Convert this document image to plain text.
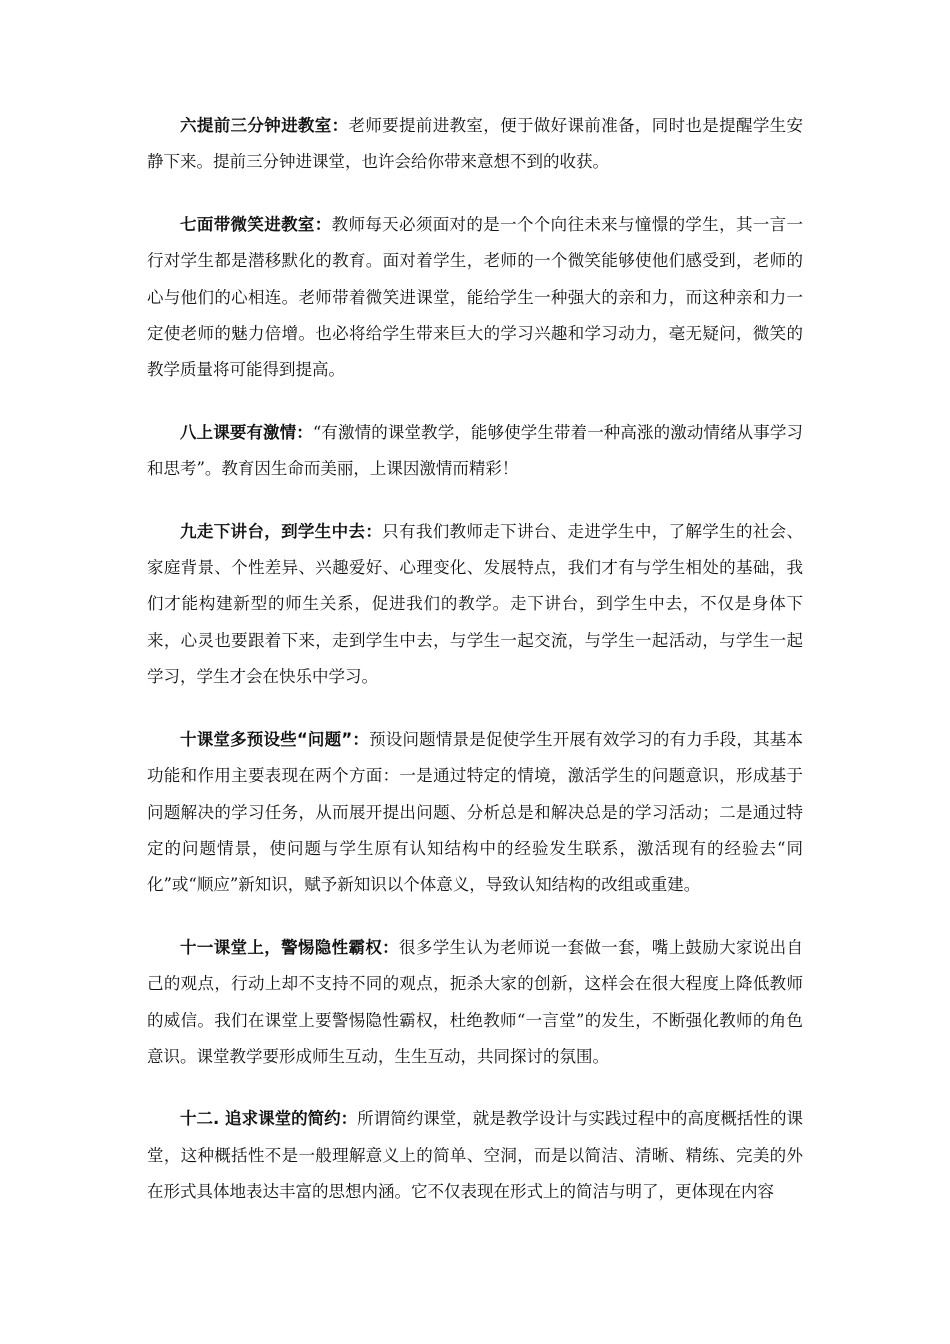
六提前三分钟进教室：老师要提前进教室，便于做好课前准备，同时也是提醒学生安静下来。提前三分钟进课堂，也许会给你带来意想不到的收获。

七面带微笑进教室：教师每天必须面对的是一个个向往未来与憧憬的学生，其一言一行对学生都是潜移默化的教育。面对着学生，老师的一个微笑能够使他们感受到，老师的心与他们的心相连。老师带着微笑进课堂，能给学生一种强大的亲和力，而这种亲和力一定使老师的魅力倍增。也必将给学生带来巨大的学习兴趣和学习动力，毫无疑问，微笑的教学质量将可能得到提高。

八上课要有激情：“有激情的课堂教学，能够使学生带着一种高涨的激动情绪从事学习和思考”。教育因生命而美丽，上课因激情而精彩！

九走下讲台，到学生中去：只有我们教师走下讲台、走进学生中，了解学生的社会、家庭背景、个性差异、兴趣爱好、心理变化、发展特点，我们才有与学生相处的基础，我们才能构建新型的师生关系，促进我们的教学。走下讲台，到学生中去，不仅是身体下来，心灵也要跟着下来，走到学生中去，与学生一起交流，与学生一起活动，与学生一起学习，学生才会在快乐中学习。

十课堂多预设些“问题”：预设问题情景是促使学生开展有效学习的有力手段，其基本功能和作用主要表现在两个方面：一是通过特定的情境，激活学生的问题意识，形成基于问题解决的学习任务，从而展开提出问题、分析总是和解决总是的学习活动；二是通过特定的问题情景，使问题与学生原有认知结构中的经验发生联系，激活现有的经验去“同化”或“顺应”新知识，赋予新知识以个体意义，导致认知结构的改组或重建。

十一课堂上，警惕隐性霸权：很多学生认为老师说一套做一套，嘴上鼓励大家说出自己的观点，行动上却不支持不同的观点，扼杀大家的创新，这样会在很大程度上降低教师的威信。我们在课堂上要警惕隐性霸权，杜绝教师“一言堂”的发生，不断强化教师的角色意识。课堂教学要形成师生互动，生生互动，共同探讨的氛围。

十二. 追求课堂的简约：所谓简约课堂，就是教学设计与实践过程中的高度概括性的课堂，这种概括性不是一般理解意义上的简单、空洞，而是以简洁、清晰、精练、完美的外在形式具体地表达丰富的思想内涵。它不仅表现在形式上的简洁与明了，更体现在内容
